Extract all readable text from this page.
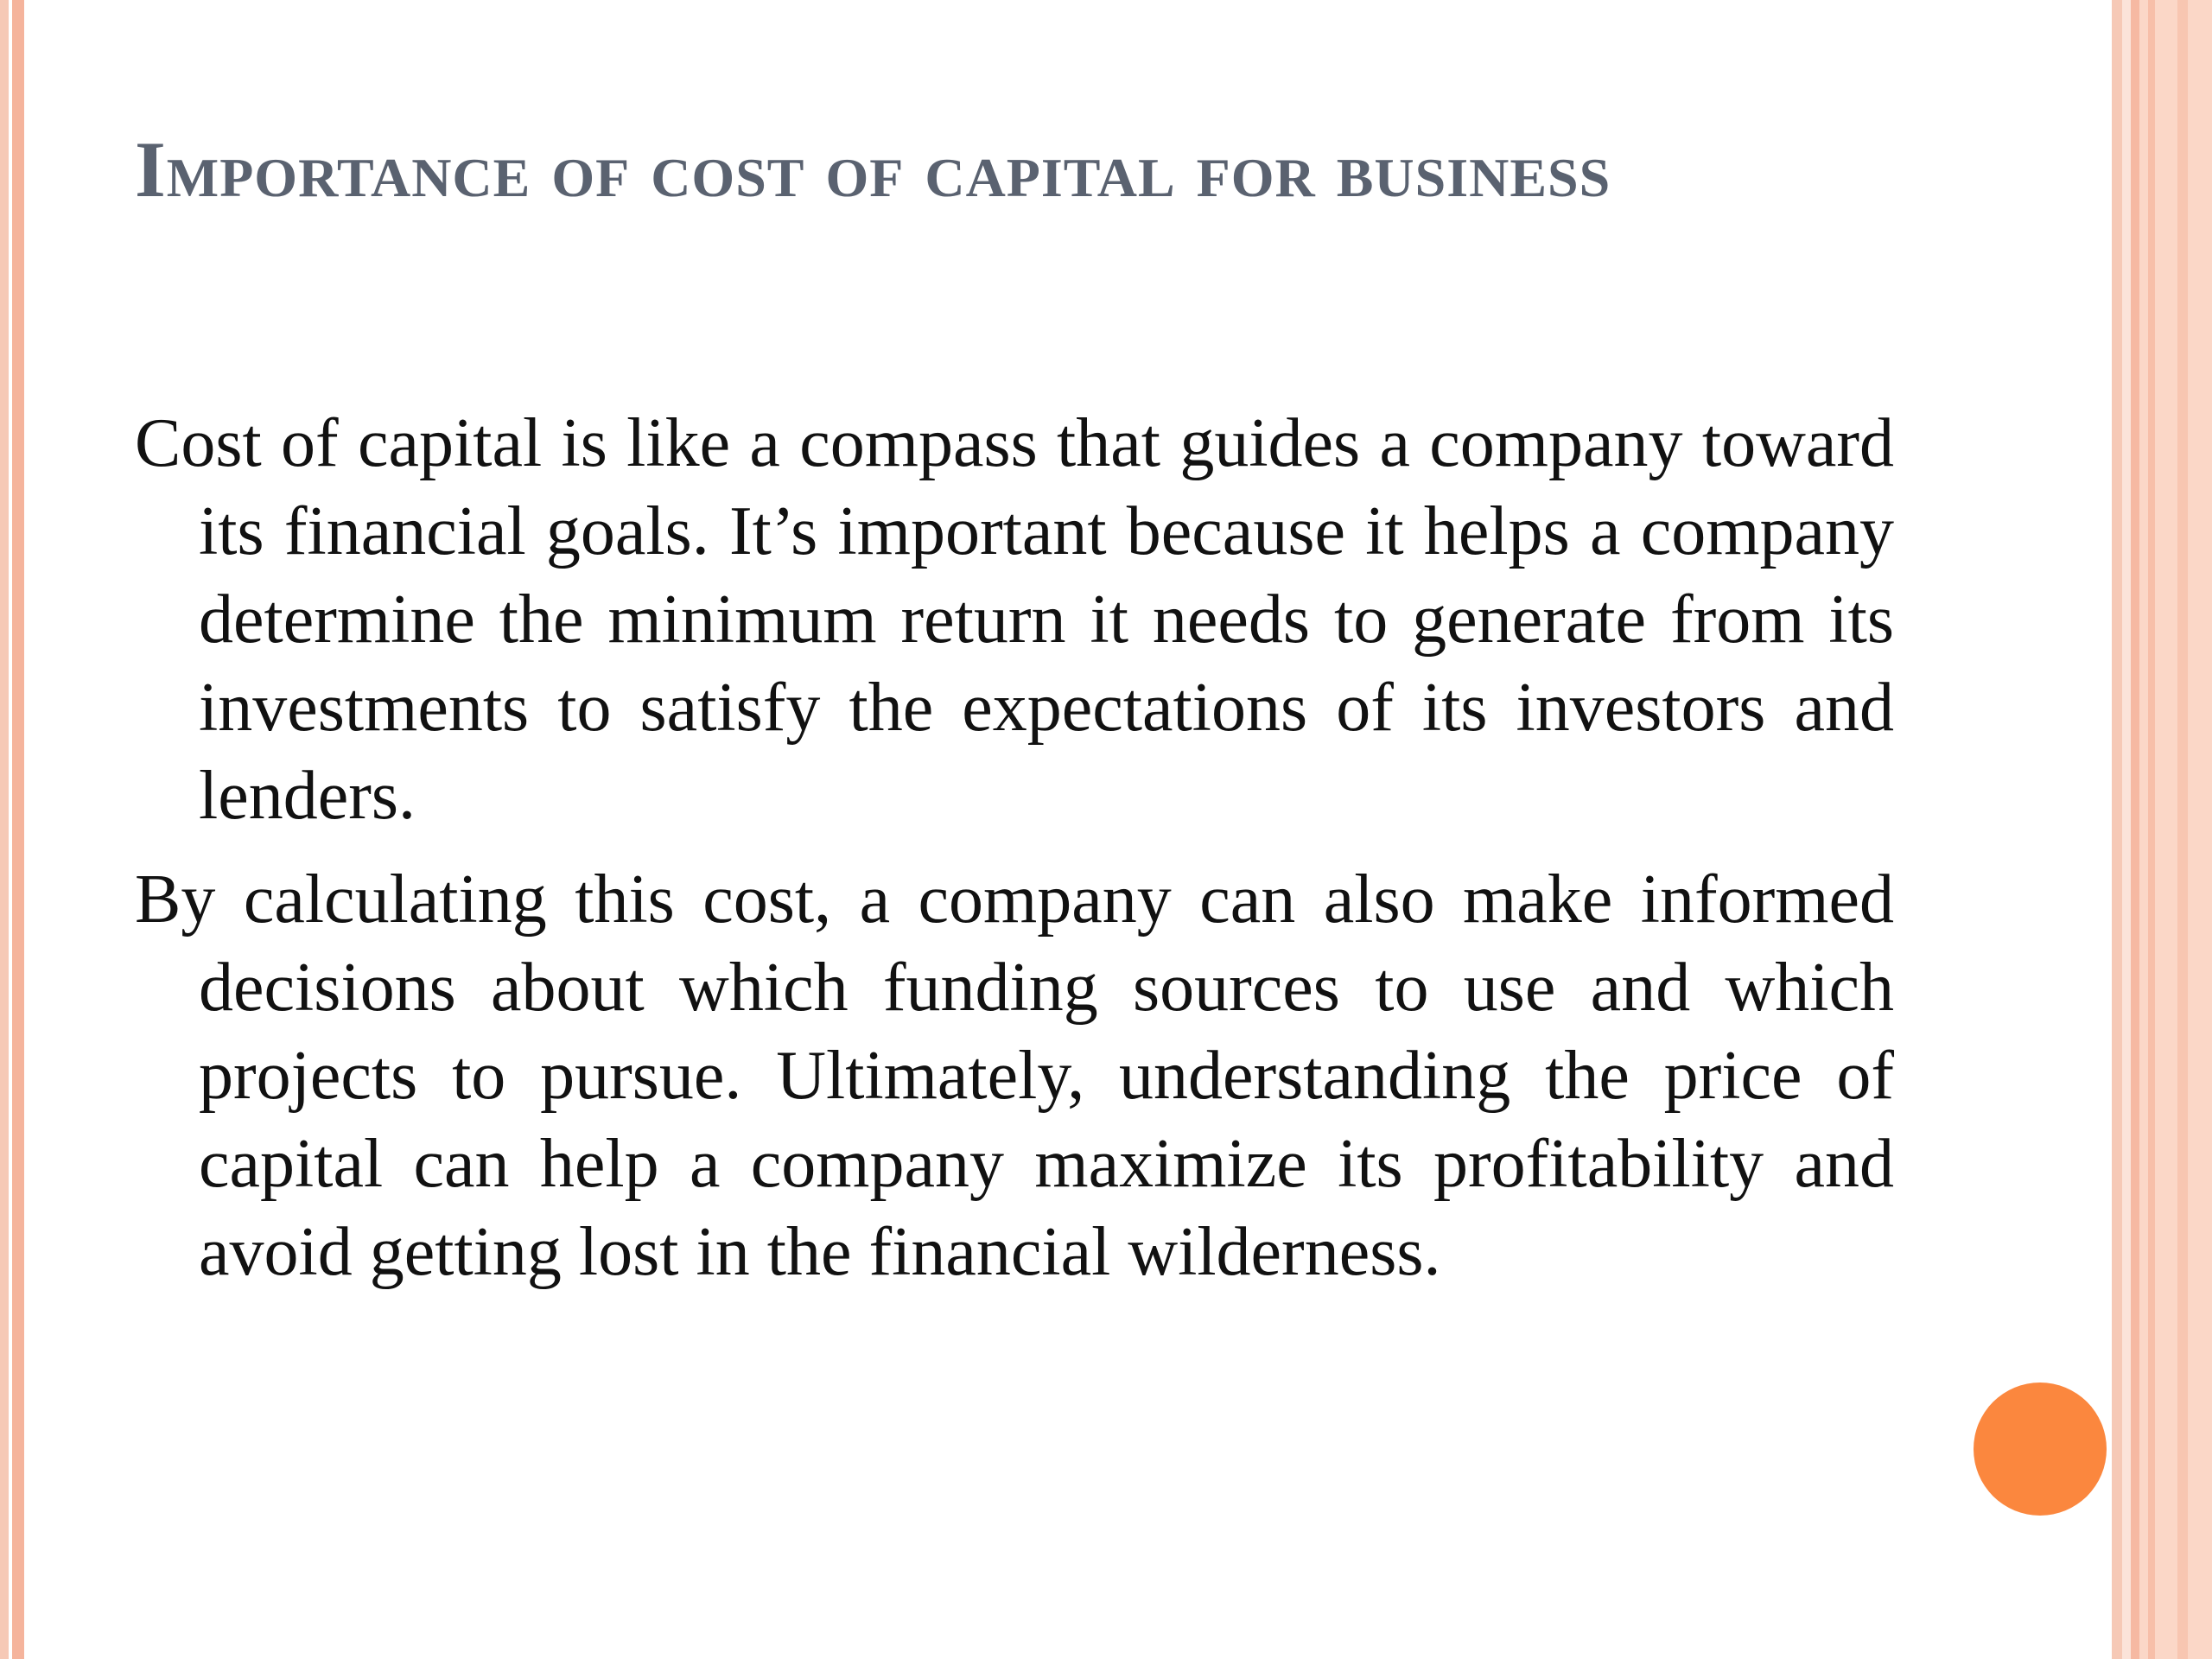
Importance of cost of capital for business

Cost of capital is like a compass that guides a company toward its financial goals. It’s important because it helps a company determine the minimum return it needs to generate from its investments to satisfy the expectations of its investors and lenders.

By calculating this cost, a company can also make informed decisions about which funding sources to use and which projects to pursue. Ultimately, understanding the price of capital can help a company maximize its profitability and avoid getting lost in the financial wilderness.
